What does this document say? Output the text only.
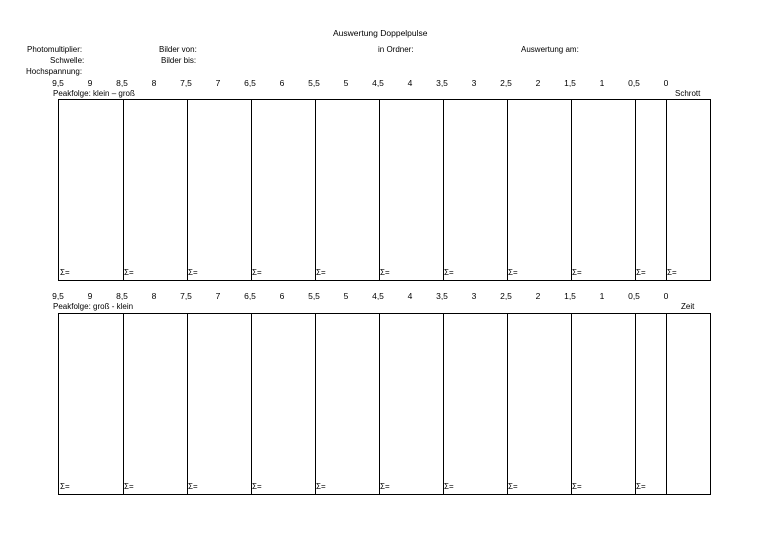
Auswertung Doppelpulse
Photomultiplier:
Schwelle:
Hochspannung:
Bilder von:
Bilder bis:
in Ordner:	Auswertung am:
9,5	9	8,5	8	7,5	7	6,5	6	5,5	5	4,5	4	3,5	3	2,5	2	1,5	1	0,5	0
Peakfolge: klein – groß	Schrott
Σ=	Σ=	Σ=	Σ=	Σ=	Σ=	Σ=	Σ=	Σ=	Σ=	Σ=
9,5	9	8,5	8	7,5	7	6,5	6	5,5	5	4,5	4	3,5	3	2,5	2	1,5	1	0,5	0
Peakfolge: groß - klein	Zeit
Σ=	Σ=	Σ=	Σ=	Σ=	Σ=	Σ=	Σ=	Σ=	Σ=
